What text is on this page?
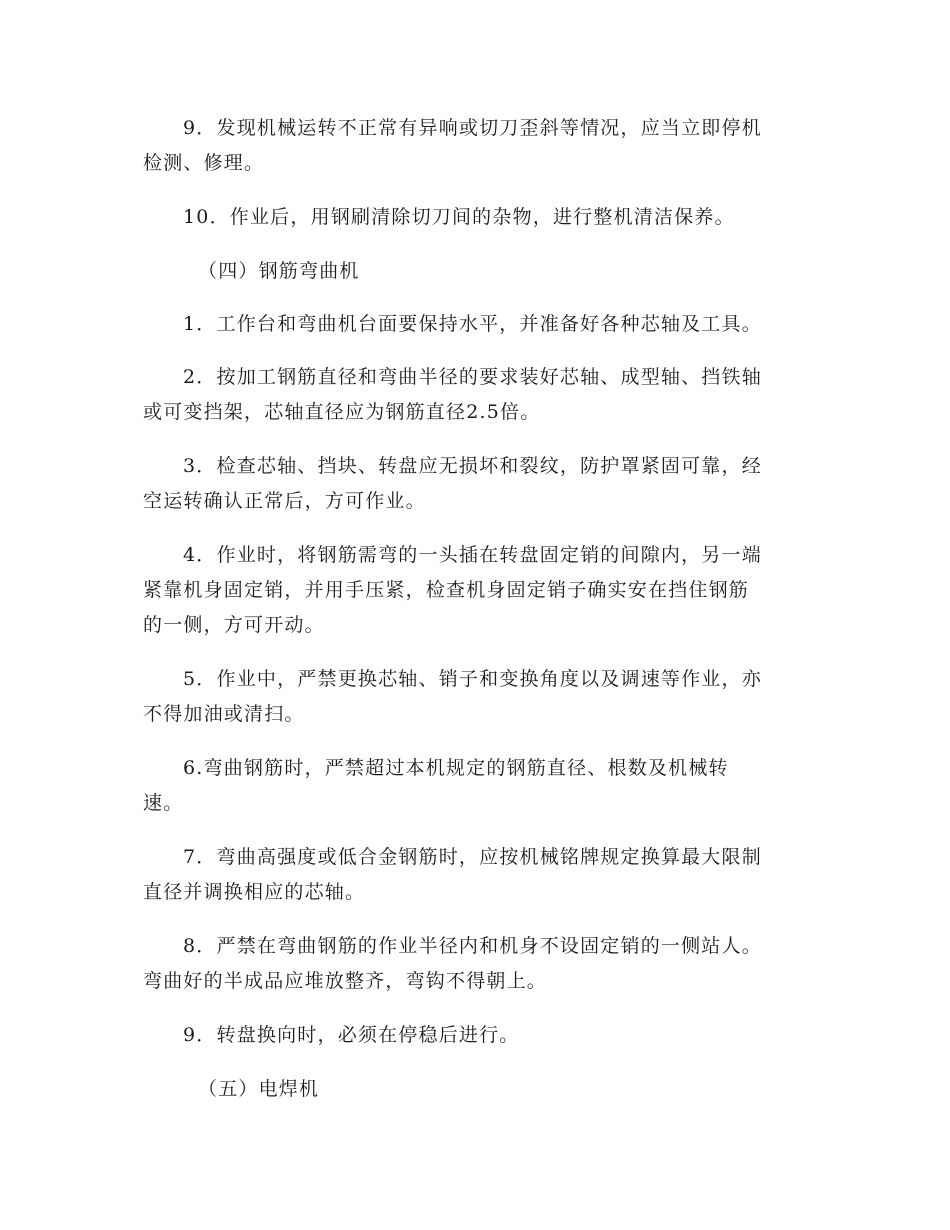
9．发现机械运转不正常有异响或切刀歪斜等情况，应当立即停机
检测、修理。
10．作业后，用钢刷清除切刀间的杂物，进行整机清洁保养。
（四）钢筋弯曲机
1．工作台和弯曲机台面要保持水平，并准备好各种芯轴及工具。
2．按加工钢筋直径和弯曲半径的要求装好芯轴、成型轴、挡铁轴
或可变挡架，芯轴直径应为钢筋直径2.5倍。
3．检查芯轴、挡块、转盘应无损坏和裂纹，防护罩紧固可靠，经
空运转确认正常后，方可作业。
4．作业时，将钢筋需弯的一头插在转盘固定销的间隙内，另一端
紧靠机身固定销，并用手压紧，检查机身固定销子确实安在挡住钢筋
的一侧，方可开动。
5．作业中，严禁更换芯轴、销子和变换角度以及调速等作业，亦
不得加油或清扫。
6.弯曲钢筋时，严禁超过本机规定的钢筋直径、根数及机械转
速。
7．弯曲高强度或低合金钢筋时，应按机械铭牌规定换算最大限制
直径并调换相应的芯轴。
8．严禁在弯曲钢筋的作业半径内和机身不设固定销的一侧站人。
弯曲好的半成品应堆放整齐，弯钩不得朝上。
9．转盘换向时，必须在停稳后进行。
（五）电焊机
